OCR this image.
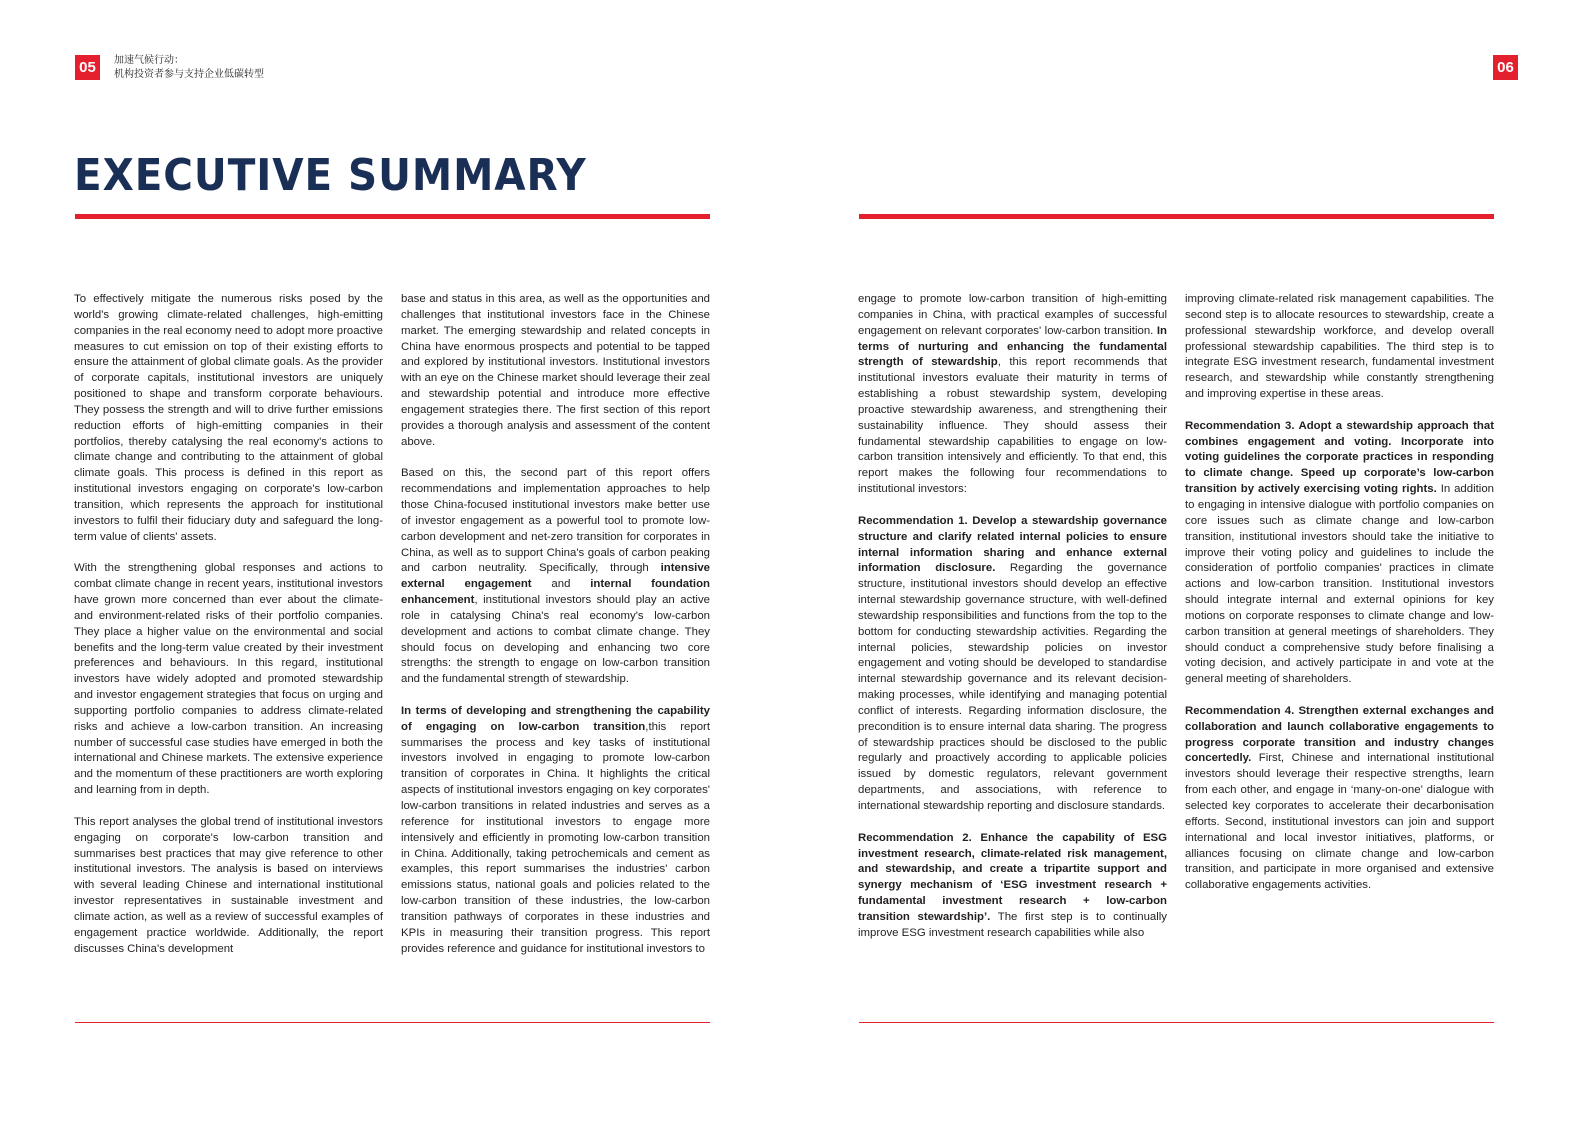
05	加速气候行动：
机构投资者参与支持企业低碳转型	06
EXECUTIVE SUMMARY

To effectively mitigate the numerous risks posed by the world's growing climate-related challenges, high-emitting companies in the real economy need to adopt more proactive measures to cut emission on top of their existing efforts to ensure the attainment of global climate goals. As the provider of corporate capitals, institutional investors are uniquely positioned to shape and transform corporate behaviours. They possess the strength and will to drive further emissions reduction efforts of high-emitting companies in their portfolios, thereby catalysing the real economy's actions to climate change and contributing to the attainment of global climate goals. This process is defined in this report as institutional investors engaging on corporate's low-carbon transition, which represents the approach for institutional investors to fulfil their fiduciary duty and safeguard the long-term value of clients' assets.

With the strengthening global responses and actions to combat climate change in recent years, institutional investors have grown more concerned than ever about the climate- and environment-related risks of their portfolio companies. They place a higher value on the environmental and social benefits and the long-term value created by their investment preferences and behaviours. In this regard, institutional investors have widely adopted and promoted stewardship and investor engagement strategies that focus on urging and supporting portfolio companies to address climate-related risks and achieve a low-carbon transition. An increasing number of successful case studies have emerged in both the international and Chinese markets. The extensive experience and the momentum of these practitioners are worth exploring and learning from in depth.

This report analyses the global trend of institutional investors engaging on corporate's low-carbon transition and summarises best practices that may give reference to other institutional investors. The analysis is based on interviews with several leading Chinese and international institutional investor representatives in sustainable investment and climate action, as well as a review of successful examples of engagement practice worldwide. Additionally, the report discusses China's development

base and status in this area, as well as the opportunities and challenges that institutional investors face in the Chinese market. The emerging stewardship and related concepts in China have enormous prospects and potential to be tapped and explored by institutional investors. Institutional investors with an eye on the Chinese market should leverage their zeal and stewardship potential and introduce more effective engagement strategies there. The first section of this report provides a thorough analysis and assessment of the content above.

Based on this, the second part of this report offers recommendations and implementation approaches to help those China-focused institutional investors make better use of investor engagement as a powerful tool to promote low-carbon development and net-zero transition for corporates in China, as well as to support China's goals of carbon peaking and carbon neutrality. Specifically, through intensive external engagement and internal foundation enhancement, institutional investors should play an active role in catalysing China's real economy's low-carbon development and actions to combat climate change. They should focus on developing and enhancing two core strengths: the strength to engage on low-carbon transition and the fundamental strength of stewardship.

In terms of developing and strengthening the capability of engaging on low-carbon transition,this report summarises the process and key tasks of institutional investors involved in engaging to promote low-carbon transition of corporates in China. It highlights the critical aspects of institutional investors engaging on key corporates' low-carbon transitions in related industries and serves as a reference for institutional investors to engage more intensively and efficiently in promoting low-carbon transition in China. Additionally, taking petrochemicals and cement as examples, this report summarises the industries' carbon emissions status, national goals and policies related to the low-carbon transition of these industries, the low-carbon transition pathways of corporates in these industries and KPIs in measuring their transition progress. This report provides reference and guidance for institutional investors to

engage to promote low-carbon transition of high-emitting companies in China, with practical examples of successful engagement on relevant corporates' low-carbon transition. In terms of nurturing and enhancing the fundamental strength of stewardship, this report recommends that institutional investors evaluate their maturity in terms of establishing a robust stewardship system, developing proactive stewardship awareness, and strengthening their sustainability influence. They should assess their fundamental stewardship capabilities to engage on low-carbon transition intensively and efficiently. To that end, this report makes the following four recommendations to institutional investors:

Recommendation 1. Develop a stewardship governance structure and clarify related internal policies to ensure internal information sharing and enhance external information disclosure. Regarding the governance structure, institutional investors should develop an effective internal stewardship governance structure, with well-defined stewardship responsibilities and functions from the top to the bottom for conducting stewardship activities. Regarding the internal policies, stewardship policies on investor engagement and voting should be developed to standardise internal stewardship governance and its relevant decision-making processes, while identifying and managing potential conflict of interests. Regarding information disclosure, the precondition is to ensure internal data sharing. The progress of stewardship practices should be disclosed to the public regularly and proactively according to applicable policies issued by domestic regulators, relevant government departments, and associations, with reference to international stewardship reporting and disclosure standards.

Recommendation 2. Enhance the capability of ESG investment research, climate-related risk management, and stewardship, and create a tripartite support and synergy mechanism of ‘ESG investment research + fundamental investment research + low-carbon transition stewardship’. The first step is to continually improve ESG investment research capabilities while also

improving climate-related risk management capabilities. The second step is to allocate resources to stewardship, create a professional stewardship workforce, and develop overall professional stewardship capabilities. The third step is to integrate ESG investment research, fundamental investment research, and stewardship while constantly strengthening and improving expertise in these areas.

Recommendation 3. Adopt a stewardship approach that combines engagement and voting. Incorporate into voting guidelines the corporate practices in responding to climate change. Speed up corporate’s low-carbon transition by actively exercising voting rights. In addition to engaging in intensive dialogue with portfolio companies on core issues such as climate change and low-carbon transition, institutional investors should take the initiative to improve their voting policy and guidelines to include the consideration of portfolio companies' practices in climate actions and low-carbon transition. Institutional investors should integrate internal and external opinions for key motions on corporate responses to climate change and low-carbon transition at general meetings of shareholders. They should conduct a comprehensive study before finalising a voting decision, and actively participate in and vote at the general meeting of shareholders.

Recommendation 4. Strengthen external exchanges and collaboration and launch collaborative engagements to progress corporate transition and industry changes concertedly. First, Chinese and international institutional investors should leverage their respective strengths, learn from each other, and engage in ‘many-on-one’ dialogue with selected key corporates to accelerate their decarbonisation efforts. Second, institutional investors can join and support international and local investor initiatives, platforms, or alliances focusing on climate change and low-carbon transition, and participate in more organised and extensive collaborative engagements activities.
